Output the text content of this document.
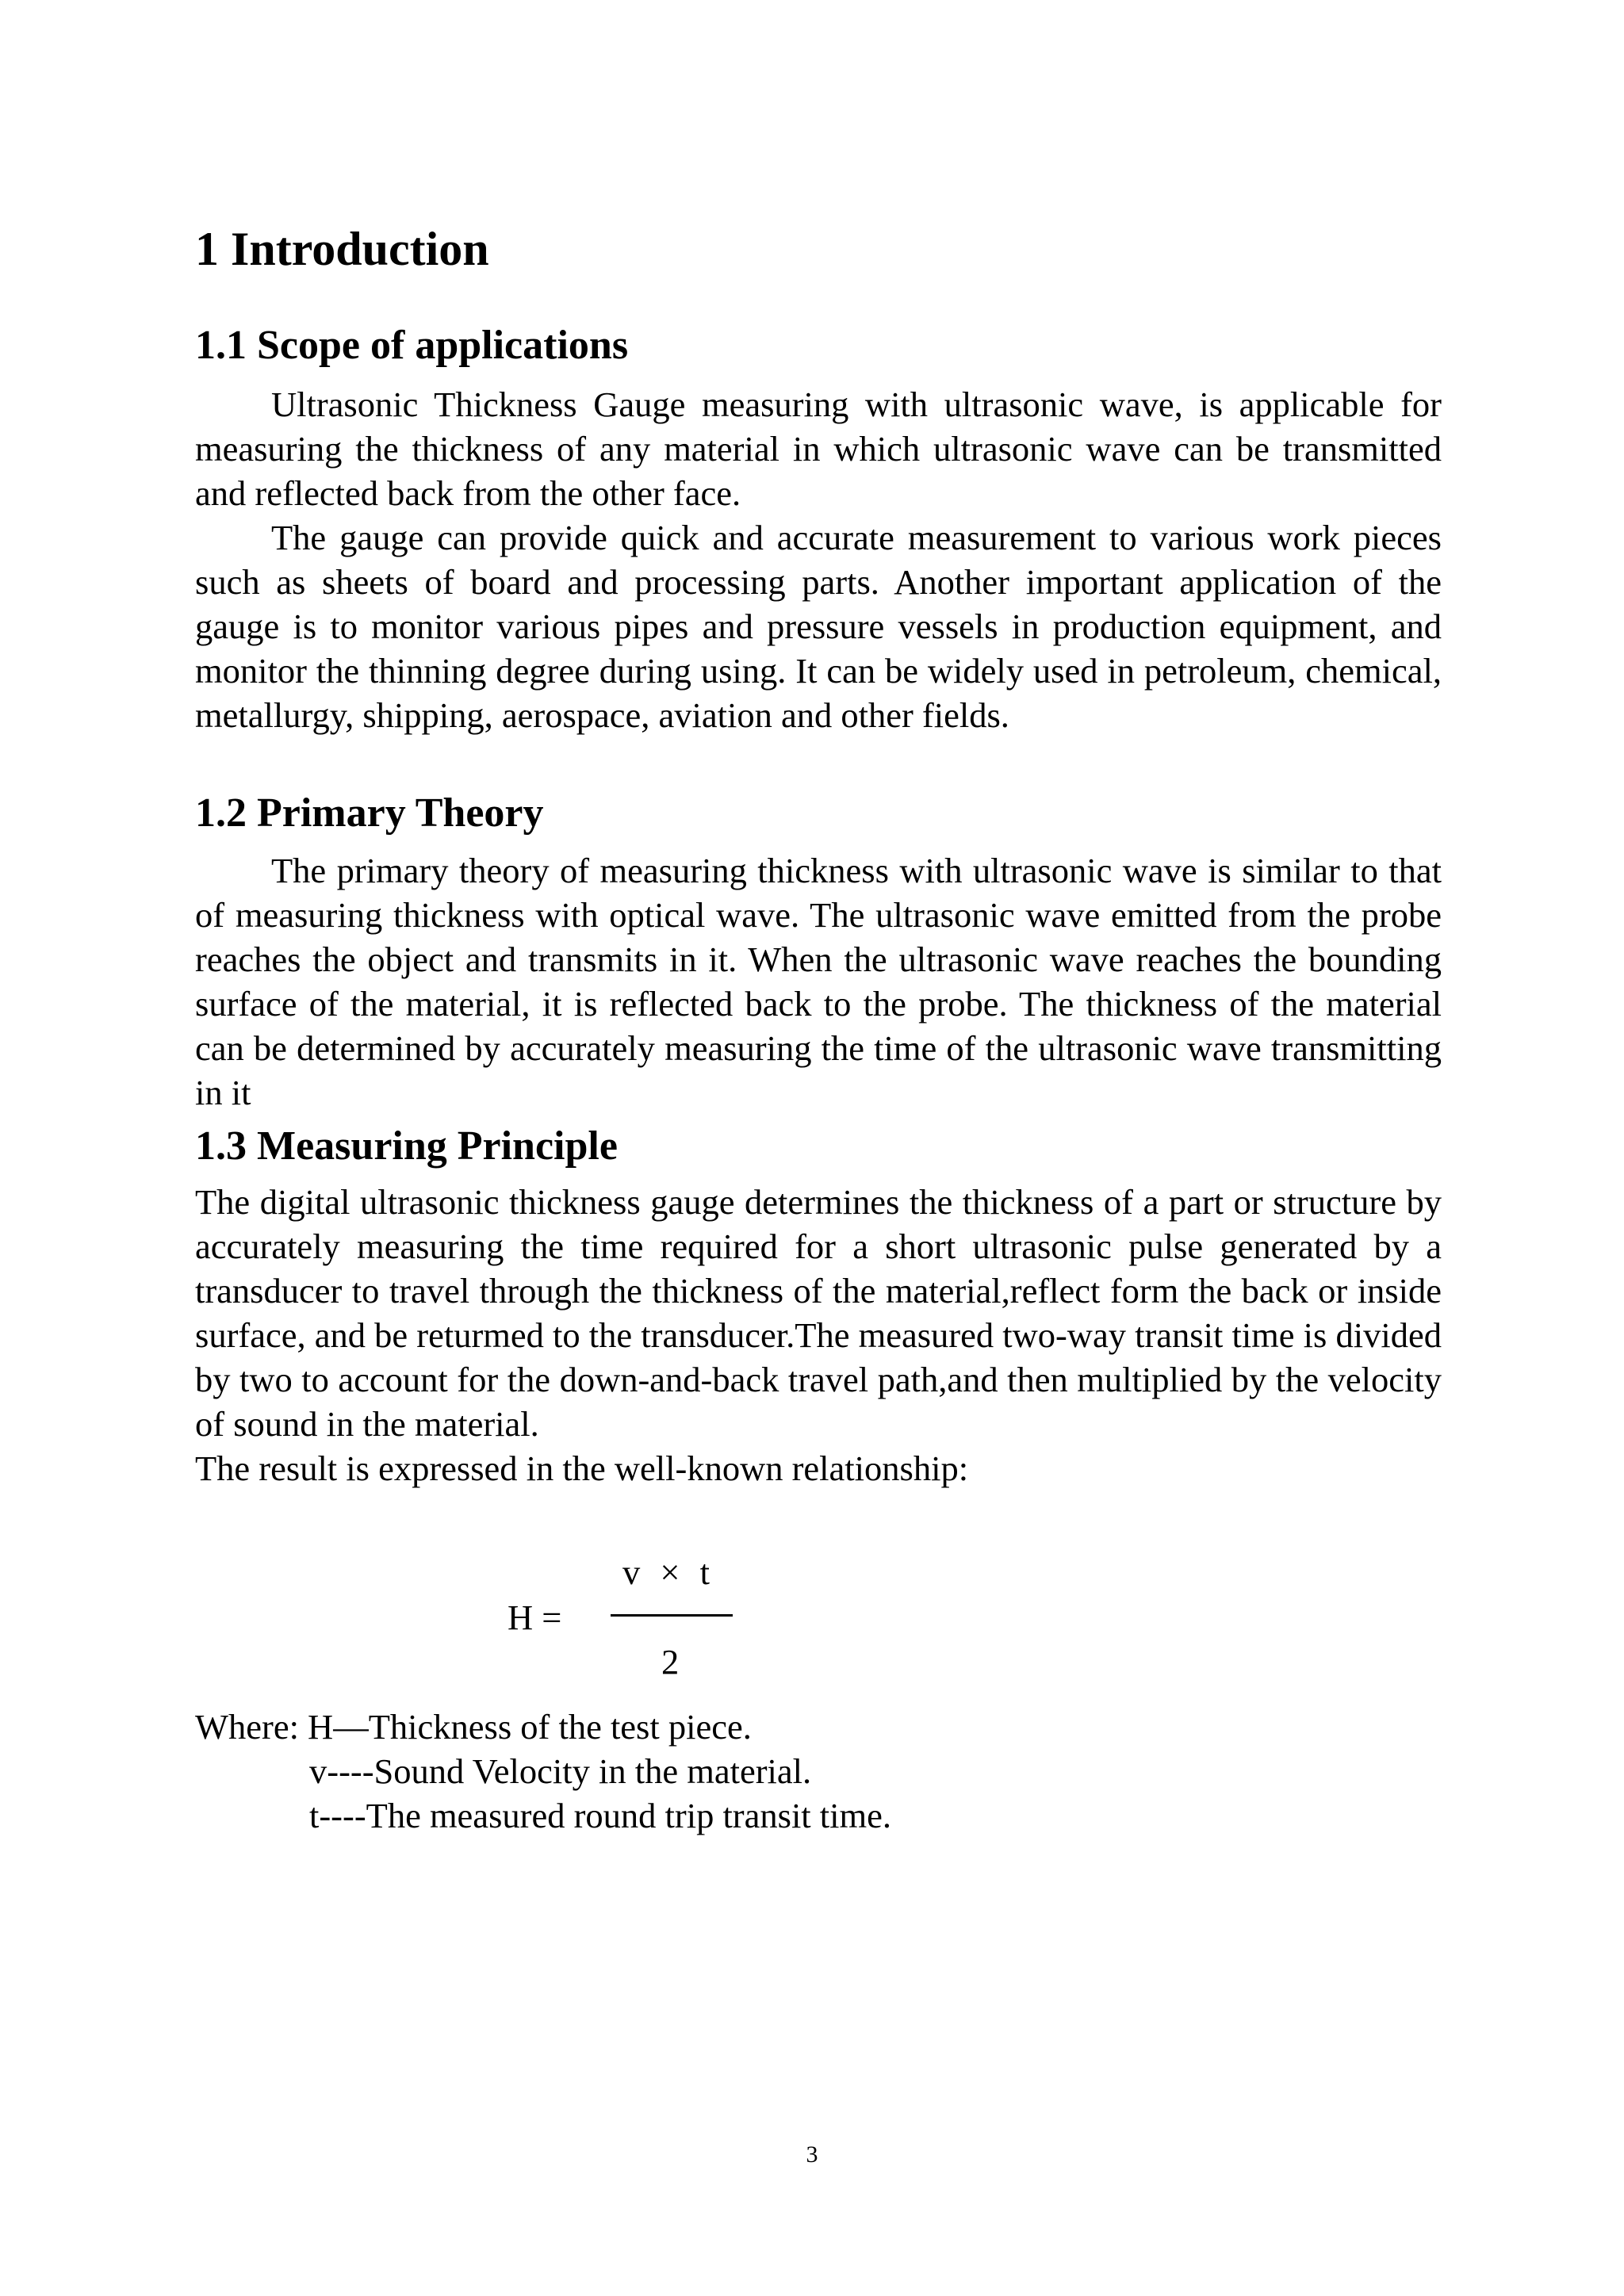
1 Introduction
1.1 Scope of applications

Ultrasonic Thickness Gauge measuring with ultrasonic wave, is applicable for measuring the thickness of any material in which ultrasonic wave can be transmitted and reflected back from the other face.

The gauge can provide quick and accurate measurement to various work pieces such as sheets of board and processing parts. Another important application of the gauge is to monitor various pipes and pressure vessels in production equipment, and monitor the thinning degree during using. It can be widely used in petroleum, chemical, metallurgy, shipping, aerospace, aviation and other fields.

1.2 Primary Theory

The primary theory of measuring thickness with ultrasonic wave is similar to that of measuring thickness with optical wave. The ultrasonic wave emitted from the probe reaches the object and transmits in it. When the ultrasonic wave reaches the bounding surface of the material, it is reflected back to the probe. The thickness of the material can be determined by accurately measuring the time of the ultrasonic wave transmitting in it

1.3 Measuring Principle

The digital ultrasonic thickness gauge determines the thickness of a part or structure by accurately measuring the time required for a short ultrasonic pulse generated by a transducer to travel through the thickness of the material,reflect form the back or inside surface, and be returmed to the transducer.The measured two-way transit time is divided by two to account for the down-and-back travel path,and then multiplied by the velocity of sound in the material.

The result is expressed in the well-known relationship:

H =
v × t
2
Where: H—Thickness of the test piece.
v----Sound Velocity in the material.
t----The measured round trip transit time.
3
